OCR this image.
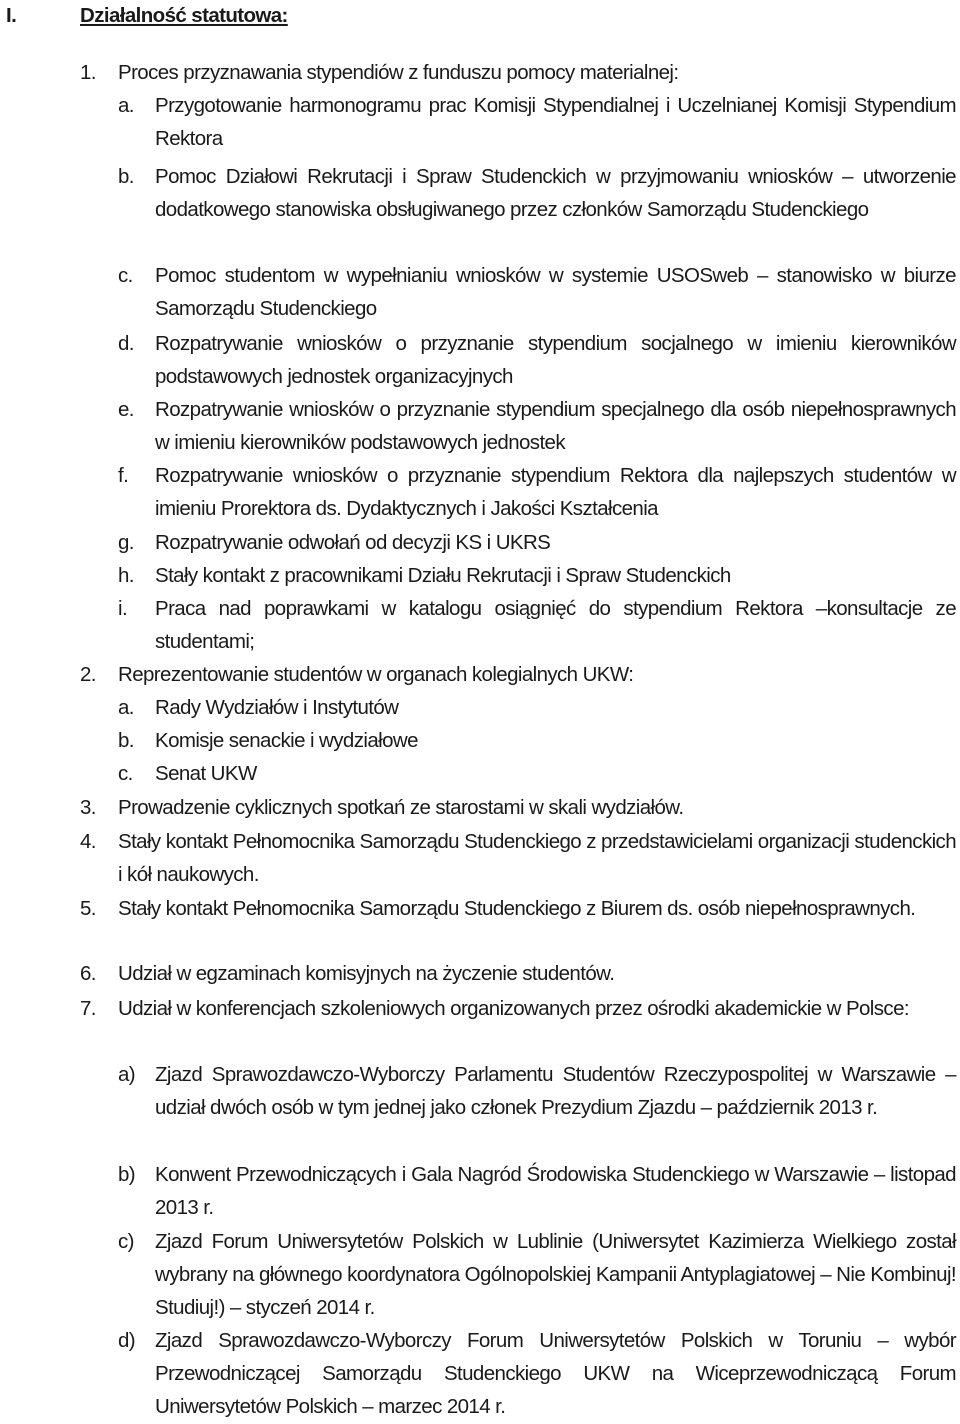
I.	Działalność statutowa:
1. Proces przyznawania stypendiów z funduszu pomocy materialnej:
a. Przygotowanie harmonogramu prac Komisji Stypendialnej i Uczelnianej Komisji Stypendium Rektora
b. Pomoc Działowi Rekrutacji i Spraw Studenckich w przyjmowaniu wniosków – utworzenie dodatkowego stanowiska obsługiwanego przez członków Samorządu Studenckiego
c. Pomoc studentom w wypełnianiu wniosków w systemie USOSweb – stanowisko w biurze Samorządu Studenckiego
d. Rozpatrywanie wniosków o przyznanie stypendium socjalnego w imieniu kierowników podstawowych jednostek organizacyjnych
e. Rozpatrywanie wniosków o przyznanie stypendium specjalnego dla osób niepełnosprawnych w imieniu kierowników podstawowych jednostek
f. Rozpatrywanie wniosków o przyznanie stypendium Rektora dla najlepszych studentów w imieniu Prorektora ds. Dydaktycznych i Jakości Kształcenia
g. Rozpatrywanie odwołań od decyzji KS i UKRS
h. Stały kontakt z pracownikami Działu Rekrutacji i Spraw Studenckich
i. Praca nad poprawkami w katalogu osiągnięć do stypendium Rektora –konsultacje ze studentami;
2. Reprezentowanie studentów w organach kolegialnych UKW:
a. Rady Wydziałów i Instytutów
b. Komisje senackie i wydziałowe
c. Senat UKW
3. Prowadzenie cyklicznych spotkań ze starostami w skali wydziałów.
4. Stały kontakt Pełnomocnika Samorządu Studenckiego z przedstawicielami organizacji studenckich i kół naukowych.
5. Stały kontakt Pełnomocnika Samorządu Studenckiego z Biurem ds. osób niepełnosprawnych.
6. Udział w egzaminach komisyjnych na życzenie studentów.
7. Udział w konferencjach szkoleniowych organizowanych przez ośrodki akademickie w Polsce:
a) Zjazd Sprawozdawczo-Wyborczy Parlamentu Studentów Rzeczypospolitej w Warszawie – udział dwóch osób w tym jednej jako członek Prezydium Zjazdu – październik 2013 r.
b) Konwent Przewodniczących i Gala Nagród Środowiska Studenckiego w Warszawie – listopad 2013 r.
c) Zjazd Forum Uniwersytetów Polskich w Lublinie (Uniwersytet Kazimierza Wielkiego został wybrany na głównego koordynatora Ogólnopolskiej Kampanii Antyplagiatowej – Nie Kombinuj! Studiuj!) – styczeń 2014 r.
d) Zjazd Sprawozdawczo-Wyborczy Forum Uniwersytetów Polskich w Toruniu – wybór Przewodniczącej Samorządu Studenckiego UKW na Wiceprzewodniczącą Forum Uniwersytetów Polskich – marzec 2014 r.
